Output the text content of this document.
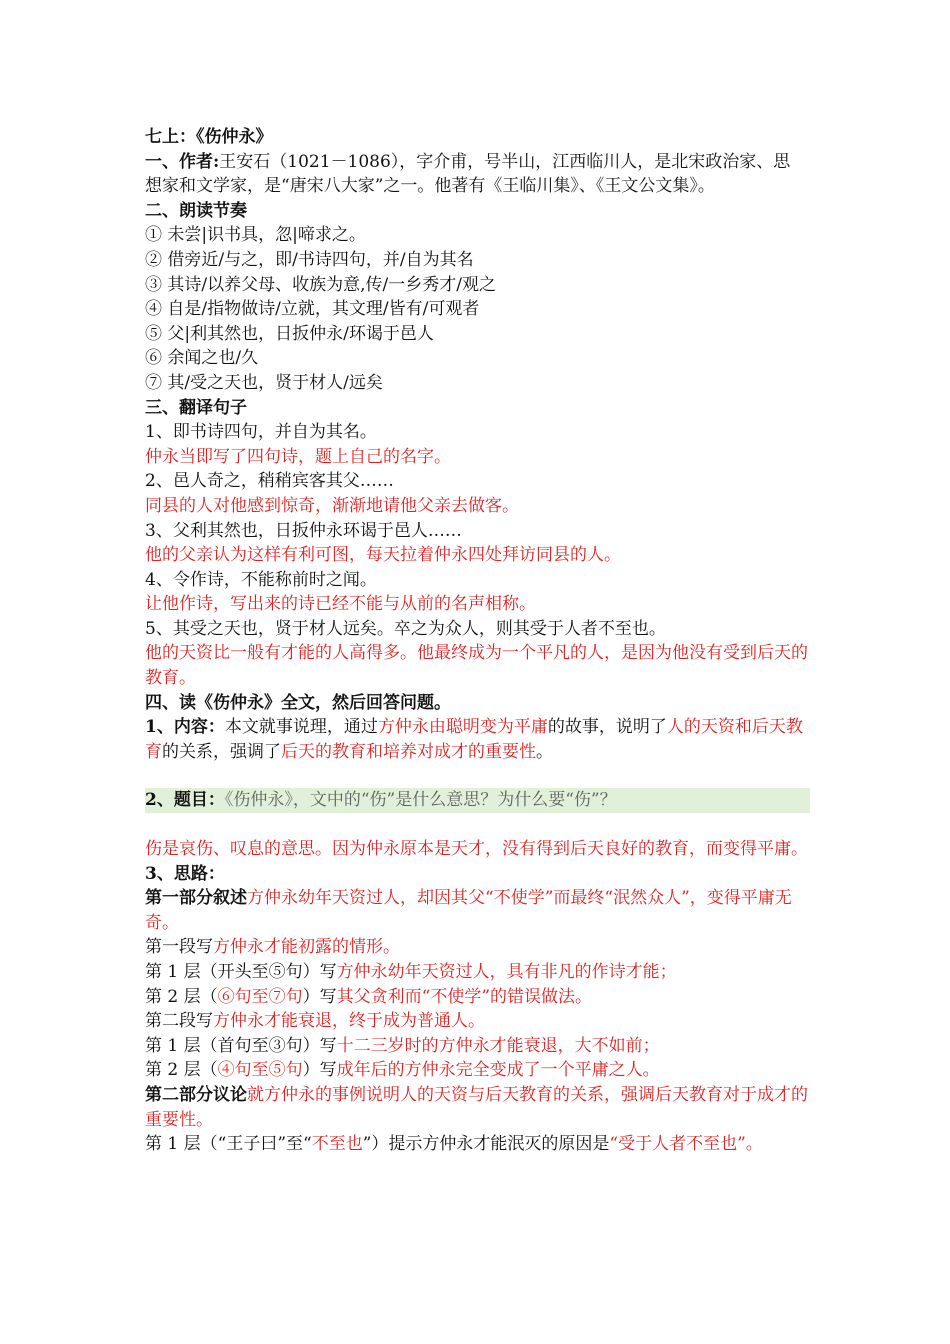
七上：《伤仲永》
一、作者:王安石（1021－1086），字介甫，号半山，江西临川人，是北宋政治家、思
想家和文学家，是“唐宋八大家”之一。他著有《王临川集》、《王文公文集》。
二、朗读节奏
① 未尝|识书具，忽|啼求之。
② 借旁近/与之，即/书诗四句，并/自为其名
③ 其诗/以养父母、收族为意,传/一乡秀才/观之
④ 自是/指物做诗/立就，其文理/皆有/可观者
⑤ 父|利其然也，日扳仲永/环谒于邑人
⑥ 余闻之也/久
⑦ 其/受之天也，贤于材人/远矣
三、翻译句子
1、即书诗四句，并自为其名。
仲永当即写了四句诗，题上自己的名字。
2、邑人奇之，稍稍宾客其父……
同县的人对他感到惊奇，渐渐地请他父亲去做客。
3、父利其然也，日扳仲永环谒于邑人……
他的父亲认为这样有利可图，每天拉着仲永四处拜访同县的人。
4、令作诗，不能称前时之闻。
让他作诗，写出来的诗已经不能与从前的名声相称。
5、其受之天也，贤于材人远矣。卒之为众人，则其受于人者不至也。
他的天资比一般有才能的人高得多。他最终成为一个平凡的人，是因为他没有受到后天的教育。
四、读《伤仲永》全文，然后回答问题。
1、内容：本文就事说理，通过方仲永由聪明变为平庸的故事，说明了人的天资和后天教育的关系，强调了后天的教育和培养对成才的重要性。
2、题目：《伤仲永》，文中的“伤”是什么意思？为什么要“伤”？
伤是哀伤、叹息的意思。因为仲永原本是天才，没有得到后天良好的教育，而变得平庸。
3、思路：
第一部分叙述方仲永幼年天资过人，却因其父“不使学”而最终“泯然众人”，变得平庸无奇。
第一段写方仲永才能初露的情形。
第 1 层（开头至⑤句）写方仲永幼年天资过人，具有非凡的作诗才能；
第 2 层（⑥句至⑦句）写其父贪利而“不使学”的错误做法。
第二段写方仲永才能衰退，终于成为普通人。
第 1 层（首句至③句）写十二三岁时的方仲永才能衰退，大不如前；
第 2 层（④句至⑤句）写成年后的方仲永完全变成了一个平庸之人。
第二部分议论就方仲永的事例说明人的天资与后天教育的关系，强调后天教育对于成才的重要性。
第 1 层（“王子曰”至“不至也”）提示方仲永才能泯灭的原因是“受于人者不至也”。
